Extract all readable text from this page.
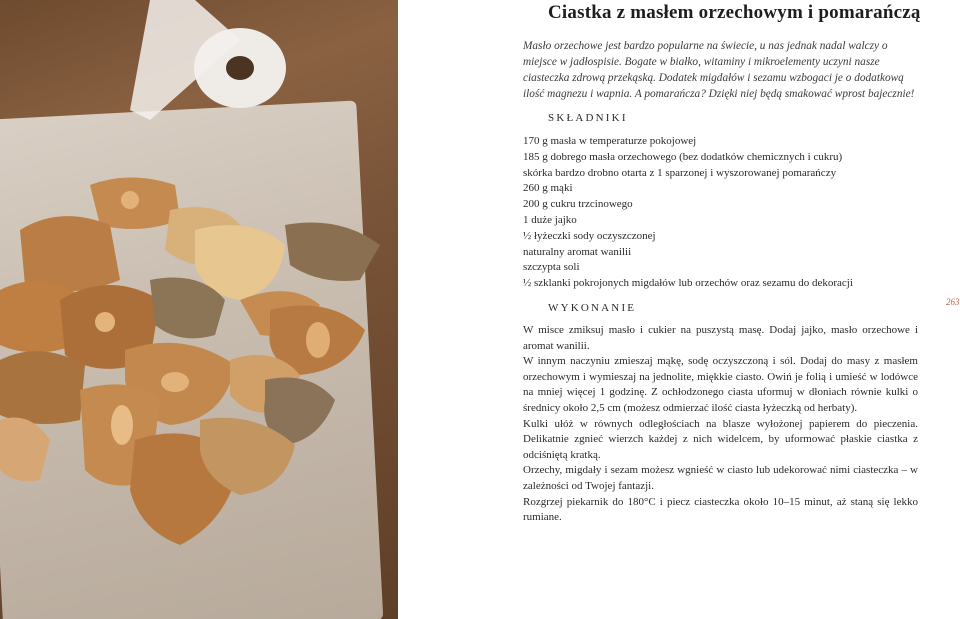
Ciastka z masłem orzechowym i pomarańczą

Masło orzechowe jest bardzo popularne na świecie, u nas jednak nadal walczy o miejsce w jadłospisie. Bogate w białko, witaminy i mikroelementy uczyni nasze ciasteczka zdrową przekąską. Dodatek migdałów i sezamu wzbogaci je o dodatkową ilość magnezu i wapnia. A pomarańcza? Dzięki niej będą smakować wprost bajecznie!

SKŁADNIKI
170 g masła w temperaturze pokojowej
185 g dobrego masła orzechowego (bez dodatków chemicznych i cukru)
skórka bardzo drobno otarta z 1 sparzonej i wyszorowanej pomarańczy
260 g mąki
200 g cukru trzcinowego
1 duże jajko
½ łyżeczki sody oczyszczonej
naturalny aromat wanilii
szczypta soli
½ szklanki pokrojonych migdałów lub orzechów oraz sezamu do dekoracji
WYKONANIE

W misce zmiksuj masło i cukier na puszystą masę. Dodaj jajko, masło orzechowe i aromat wanilii.

W innym naczyniu zmieszaj mąkę, sodę oczyszczoną i sól. Dodaj do masy z masłem orzechowym i wymieszaj na jednolite, miękkie ciasto. Owiń je folią i umieść w lodówce na mniej więcej 1 godzinę. Z ochłodzonego ciasta uformuj w dłoniach równie kulki o średnicy około 2,5 cm (możesz odmierzać ilość ciasta łyżeczką od herbaty).

Kulki ułóż w równych odległościach na blasze wyłożonej papierem do pieczenia. Delikatnie zgnieć wierzch każdej z nich widelcem, by uformować płaskie ciastka z odciśniętą kratką.

Orzechy, migdały i sezam możesz wgnieść w ciasto lub udekorować nimi ciasteczka – w zależności od Twojej fantazji.

Rozgrzej piekarnik do 180°C i piecz ciasteczka około 10–15 minut, aż staną się lekko rumiane.

263
